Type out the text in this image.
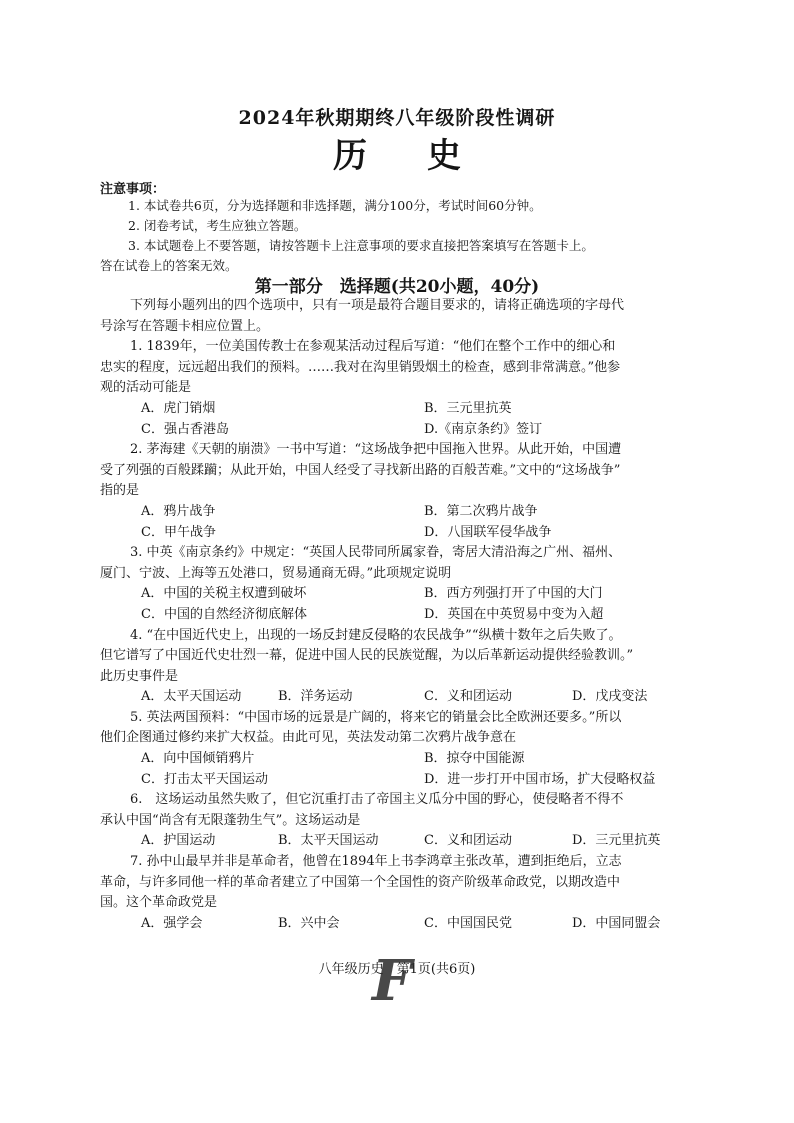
2024年秋期期终八年级阶段性调研
历史
注意事项：
1. 本试卷共6页，分为选择题和非选择题，满分100分，考试时间60分钟。
2. 闭卷考试，考生应独立答题。
3. 本试题卷上不要答题，请按答题卡上注意事项的要求直接把答案填写在答题卡上。
答在试卷上的答案无效。
第一部分　选择题(共20小题，40分)
下列每小题列出的四个选项中，只有一项是最符合题目要求的，请将正确选项的字母代
号涂写在答题卡相应位置上。
1. 1839年，一位美国传教士在参观某活动过程后写道：“他们在整个工作中的细心和
忠实的程度，远远超出我们的预料。……我对在沟里销毁烟土的检查，感到非常满意。”他参
观的活动可能是
A．虎门销烟	B．三元里抗英
C．强占香港岛	D.《南京条约》签订
2. 茅海建《天朝的崩溃》一书中写道：“这场战争把中国拖入世界。从此开始，中国遭
受了列强的百般蹂躏；从此开始，中国人经受了寻找新出路的百般苦难。”文中的“这场战争”
指的是
A．鸦片战争	B．第二次鸦片战争
C．甲午战争	D．八国联军侵华战争
3. 中英《南京条约》中规定：“英国人民带同所属家眷，寄居大清沿海之广州、福州、
厦门、宁波、上海等五处港口，贸易通商无碍。”此项规定说明
A．中国的关税主权遭到破坏	B．西方列强打开了中国的大门
C．中国的自然经济彻底解体	D．英国在中英贸易中变为入超
4. “在中国近代史上，出现的一场反封建反侵略的农民战争”“纵横十数年之后失败了。
但它谱写了中国近代史壮烈一幕，促进中国人民的民族觉醒，为以后革新运动提供经验教训。”
此历史事件是
A．太平天国运动	B．洋务运动	C．义和团运动	D．戊戌变法
5. 英法两国预料：“中国市场的远景是广阔的，将来它的销量会比全欧洲还要多。”所以
他们企图通过修约来扩大权益。由此可见，英法发动第二次鸦片战争意在
A．向中国倾销鸦片	B．掠夺中国能源
C．打击太平天国运动	D．进一步打开中国市场，扩大侵略权益
6.　这场运动虽然失败了，但它沉重打击了帝国主义瓜分中国的野心，使侵略者不得不
承认中国“尚含有无限蓬勃生气”。这场运动是
A．护国运动	B．太平天国运动	C．义和团运动	D．三元里抗英
7. 孙中山最早并非是革命者，他曾在1894年上书李鸿章主张改革，遭到拒绝后，立志
革命，与许多同他一样的革命者建立了中国第一个全国性的资产阶级革命政党，以期改造中
国。这个革命政党是
A．强学会	B．兴中会	C．中国国民党	D．中国同盟会
八年级历史　第1页(共6页)
F
